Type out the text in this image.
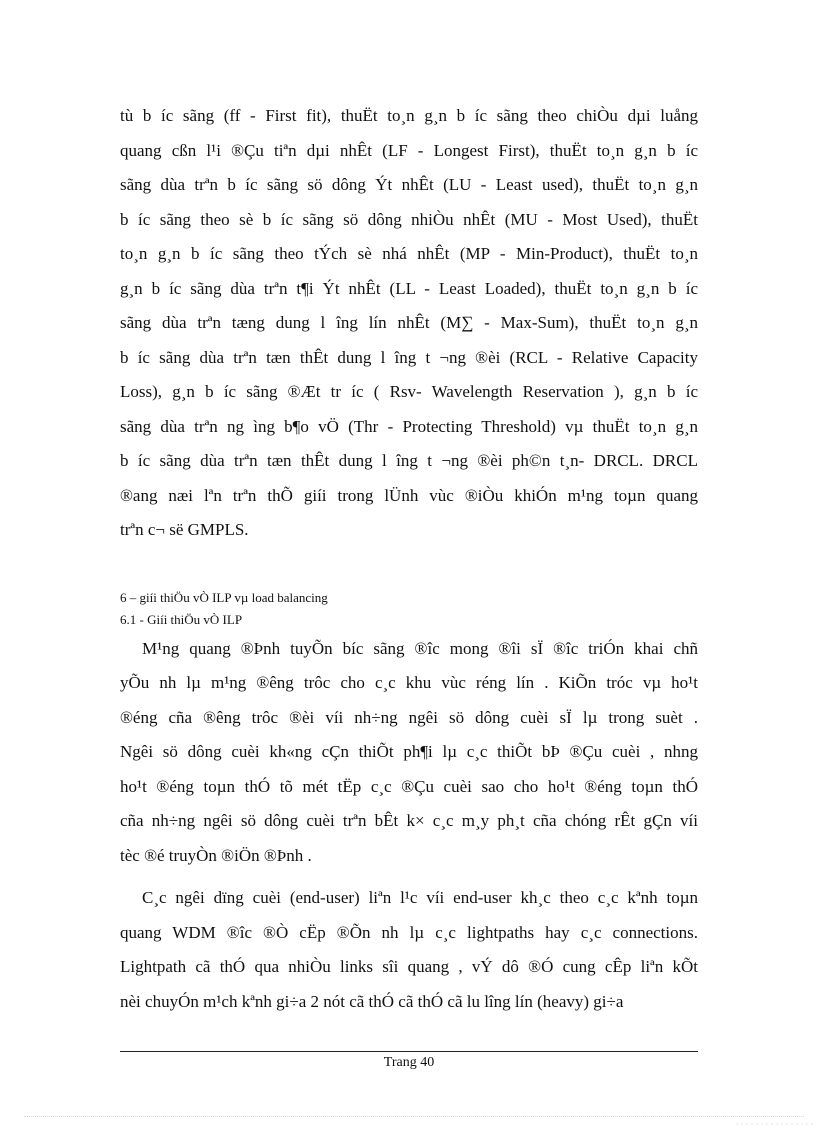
tù b íc sãng (ff - First fit), thuËt to¸n g¸n b íc sãng theo chiÒu dµi luång
quang cßn l¹i ®Çu tiªn dµi nhÊt (LF - Longest First), thuËt to¸n g¸n b íc
sãng dùa trªn b íc sãng sö dông Ýt nhÊt (LU - Least used), thuËt to¸n g¸n
b íc sãng theo sè b íc sãng sö dông nhiÒu nhÊt (MU - Most Used), thuËt
to¸n g¸n b íc sãng theo tÝch sè nhá nhÊt (MP - Min-Product), thuËt to¸n
g¸n b íc sãng dùa trªn t¶i Ýt nhÊt (LL - Least Loaded), thuËt to¸n g¸n b íc
sãng dùa trªn tæng dung l îng lín nhÊt (M∑ - Max-Sum), thuËt to¸n g¸n
b íc sãng dùa trªn tæn thÊt dung l îng t ¬ng ®èi (RCL - Relative Capacity
Loss), g¸n b íc sãng ®Æt tr íc ( Rsv- Wavelength Reservation ), g¸n b íc
sãng dùa trªn ng ìng b¶o vÖ (Thr - Protecting Threshold) vµ thuËt to¸n g¸n
b íc sãng dùa trªn tæn thÊt dung l îng t ¬ng ®èi ph©n t¸n- DRCL. DRCL
®ang næi lªn trªn thÕ giíi trong lÜnh vùc ®iÒu khiÓn m¹ng toµn quang
trªn c¬ së GMPLS.
6 – giíi thiÖu vÒ ILP vµ load balancing
6.1 - Giíi thiÖu vÒ ILP
M¹ng quang ®Þnh tuyÕn bíc sãng ®îc mong ®îi sÏ ®îc triÓn khai chñ
yÕu nh lµ m¹ng ®êng trôc cho c¸c khu vùc réng lín . KiÕn tróc vµ ho¹t
®éng cña ®êng trôc ®èi víi nh÷ng ngêi sö dông cuèi sÏ lµ trong suèt .
Ngêi sö dông cuèi kh«ng cÇn thiÕt ph¶i lµ c¸c thiÕt bÞ ®Çu cuèi , nhng
ho¹t ®éng toµn thÓ tõ mét tËp c¸c ®Çu cuèi sao cho ho¹t ®éng toµn thÓ
cña nh÷ng ngêi sö dông cuèi trªn bÊt k× c¸c m¸y ph¸t cña chóng rÊt gÇn víi
tèc ®é truyÒn ®iÖn ®Þnh .
C¸c ngêi dïng cuèi (end-user) liªn l¹c víi end-user kh¸c theo c¸c kªnh toµn
quang WDM ®îc ®Ò cËp ®Õn nh lµ c¸c lightpaths hay c¸c connections.
Lightpath cã thÓ qua nhiÒu links sîi quang , vÝ dô ®Ó cung cÊp liªn kÕt
nèi chuyÓn m¹ch kªnh gi÷a 2 nót cã thÓ cã thÓ cã lu lîng lín (heavy) gi÷a
Trang 40
